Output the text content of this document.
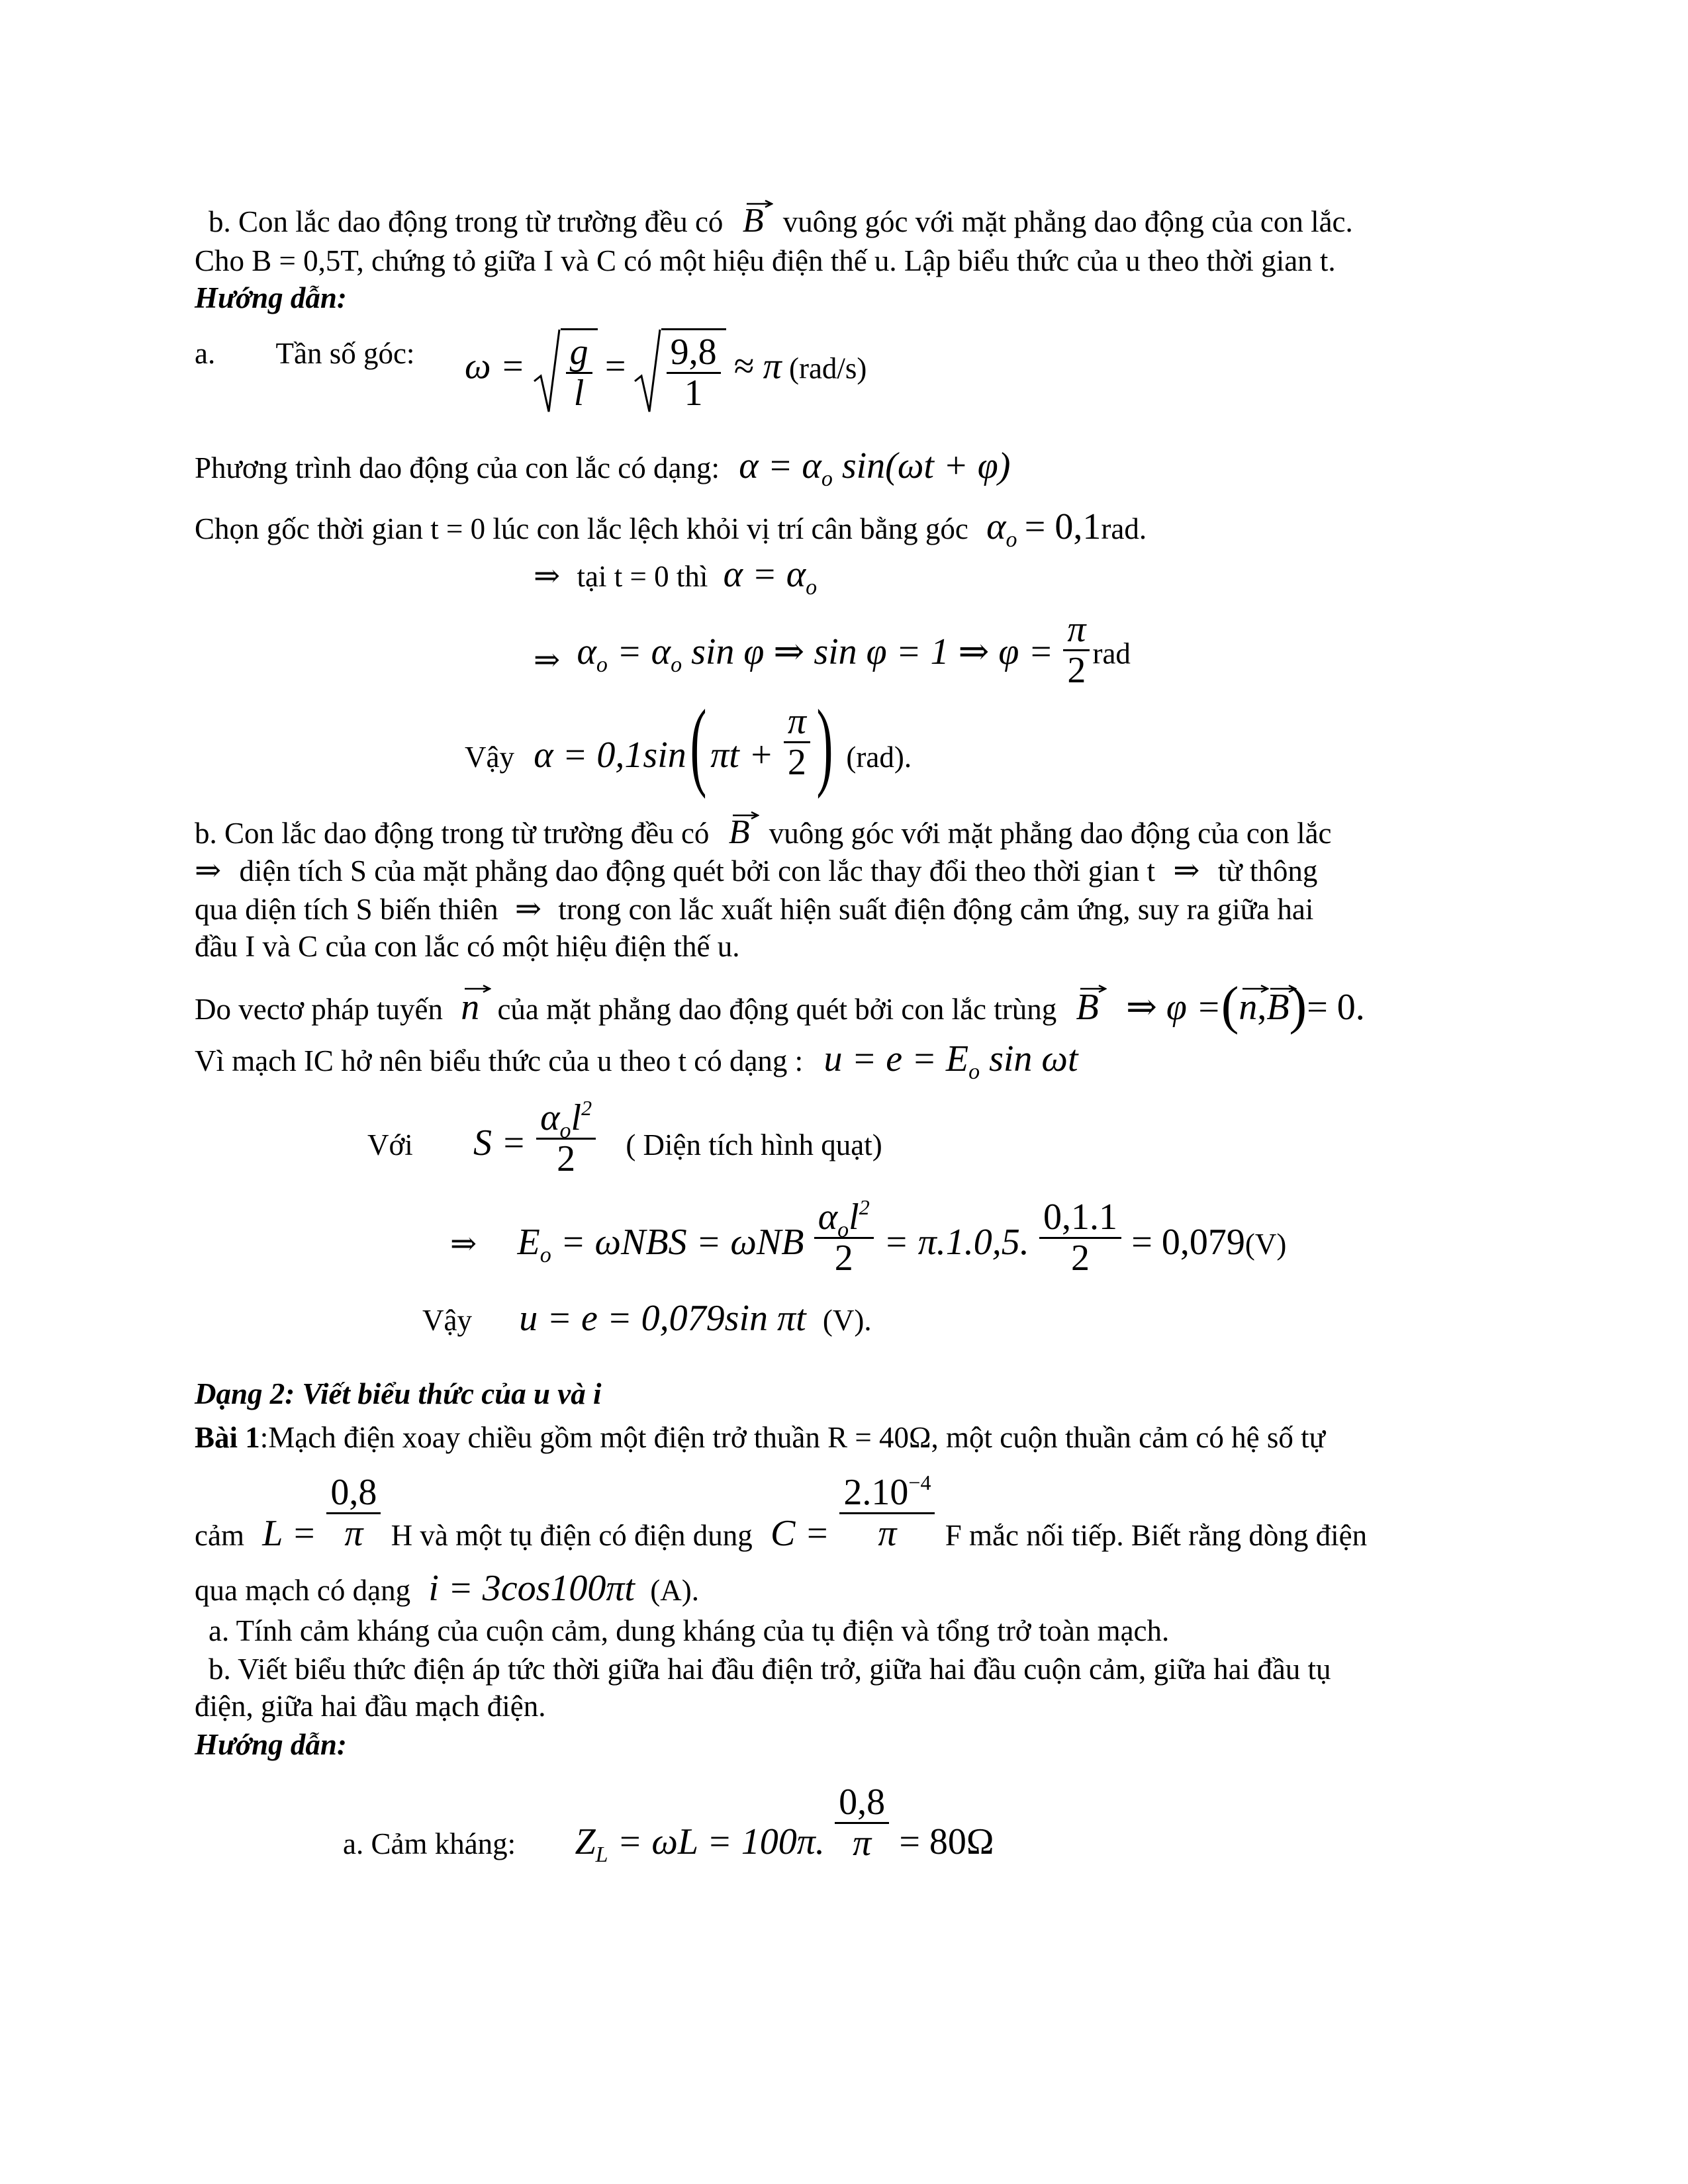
b. Con lắc dao động trong từ trường đều có B vuông góc với mặt phẳng dao động của con lắc.
Cho B = 0,5T, chứng tỏ giữa I và C có một hiệu điện thế u. Lập biểu thức của u theo thời gian t.
Hướng dẫn:
a. Tần số góc: $\omega = \frac{g}{l} = \frac{9,8}{1} \approx \pi$ (rad/s)
Phương trình dao động của con lắc có dạng: $\alpha = \alpha_o$ sin(ωt + φ)
Chọn gốc thời gian t = 0 lúc con lắc lệch khỏi vị trí cân bằng góc $\alpha_o = 0,1rad$.
⇒ tại t = 0 thì $\alpha = \alpha_o$
⇒ $\alpha_o = \alpha_o$ sin φ ⇒ sin φ = 1 ⇒ $\varphi = \frac{\pi}{2}$ rad
Vậy α = 0,1sin ( $\pi t + \frac{\pi}{2}$ ) (rad).
b. Con lắc dao động trong từ trường đều có B vuông góc với mặt phẳng dao động của con lắc
⇒ diện tích S của mặt phẳng dao động quét bởi con lắc thay đổi theo thời gian t ⇒ từ thông
qua diện tích S biến thiên ⇒ trong con lắc xuất hiện suất điện động cảm ứng, suy ra giữa hai
đầu I và C của con lắc có một hiệu điện thế u.
Do vectơ pháp tuyến n của mặt phẳng dao động quét bởi con lắc trùng B ⇒ φ =(
n,
B)= 0.
Vì mạch IC hở nên biểu thức của u theo t có dạng : $u = e = E_o$ sin ωt
Với $S = \frac{\alpha_ol^2}{2}$ ( Diện tích hình quạt)
⇒ $E_o = \omega NBS = \omega NB \frac{\alpha_ol^2}{2} = \pi.1.0,5$. $\frac{0,1.1}{2} = 0,079(V)$
Vậy u = e = 0,079sin πt (V).
Dạng 2: Viết biểu thức của u và i
Bài 1:Mạch điện xoay chiều gồm một điện trở thuần R = 40Ω, một cuộn thuần cảm có hệ số tự
cảm $L = \frac{0,8}{\pi}$ H và một tụ điện có điện dung $C = \frac{2.10^{-4}}{\pi}$ F mắc nối tiếp. Biết rằng dòng điện
qua mạch có dạng i = 3cos100πt (A).
a. Tính cảm kháng của cuộn cảm, dung kháng của tụ điện và tổng trở toàn mạch.
b. Viết biểu thức điện áp tức thời giữa hai đầu điện trở, giữa hai đầu cuộn cảm, giữa hai đầu tụ
điện, giữa hai đầu mạch điện.
Hướng dẫn:
a. Cảm kháng: $Z_L = \omega L = 100\pi$. $\frac{0,8}{\pi} = 80\Omega$
